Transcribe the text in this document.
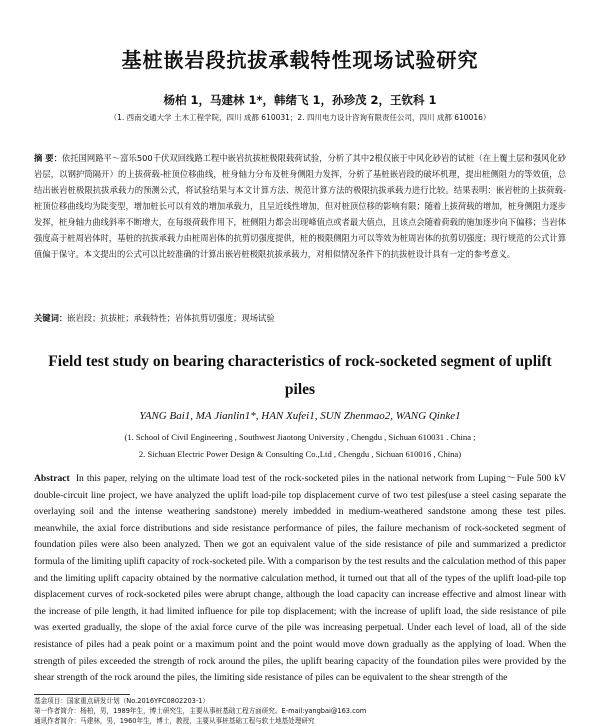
基桩嵌岩段抗拔承载特性现场试验研究
杨柏 1，马建林 1*，韩绪飞 1，孙珍茂 2，王钦科 1
（1. 西南交通大学 土木工程学院，四川 成都 610031；2. 四川电力设计咨询有限责任公司，四川 成都 610016）

摘 要：依托国网路平～富乐500千伏双回线路工程中嵌岩抗拔桩极限载荷试验，分析了其中2根仅嵌于中风化砂岩的试桩（在上覆土层和强风化砂岩层，以钢护筒隔开）的上拔荷载-桩顶位移曲线，桩身轴力分布及桩身侧阻力发挥，分析了基桩嵌岩段的破坏机理，提出桩侧阻力的等效值，总结出嵌岩桩极限抗拔承载力的预测公式，将试验结果与本文计算方法、规范计算方法的极限抗拔承载力进行比较。结果表明：嵌岩桩的上拔荷载-桩顶位移曲线均为陡变型，增加桩长可以有效的增加承载力，且呈近线性增加，但对桩顶位移的影响有限；随着上拔荷载的增加，桩身侧阻力逐步发挥，桩身轴力曲线斜率不断增大，在每级荷载作用下，桩侧阻力都会出现峰值点或者最大值点，且该点会随着荷载的施加逐步向下偏移；当岩体强度高于桩周岩体时，基桩的抗拔承载力由桩周岩体的抗剪切强度提供，桩的极限侧阻力可以等效为桩周岩体的抗剪切强度；现行规范的公式计算值偏于保守。本文提出的公式可以比较准确的计算出嵌岩桩极限抗拔承载力，对相似情况条件下的抗拔桩设计具有一定的参考意义。

关键词：嵌岩段；抗拔桩；承载特性；岩体抗剪切强度；现场试验

Field test study on bearing characteristics of rock-socketed segment of uplift piles

YANG Bai1, MA Jianlin1*, HAN Xufei1, SUN Zhenmao2, WANG Qinke1
(1. School of Civil Engineering , Southwest Jiaotong University , Chengdu , Sichuan 610031 . China ;
2. Sichuan Electric Power Design & Consulting Co.,Ltd , Chengdu , Sichuan 610016 , China)

Abstract In this paper, relying on the ultimate load test of the rock-socketed piles in the national network from Luping～Fule 500 kV double-circuit line project, we have analyzed the uplift load-pile top displacement curve of two test piles(use a steel casing separate the overlaying soil and the intense weathering sandstone) merely imbedded in medium-weathered sandstone among these test piles. meanwhile, the axial force distributions and side resistance performance of piles, the failure mechanism of rock-socketed segment of foundation piles were also been analyzed. Then we got an equivalent value of the side resistance of pile and summarized a predictor formula of the limiting uplift capacity of rock-socketed pile. With a comparison by the test results and the calculation method of this paper and the limiting uplift capacity obtained by the normative calculation method, it turned out that all of the types of the uplift load-pile top displacement curves of rock-socketed piles were abrupt change, although the load capacity can increase effective and almost linear with the increase of pile length, it had limited influence for pile top displacement; with the increase of uplift load, the side resistance of pile was exerted gradually, the slope of the axial force curve of the pile was increasing perpetual. Under each level of load, all of the side resistance of piles had a peak point or a maximum point and the point would move down gradually as the applying of load. When the strength of piles exceeded the strength of rock around the piles, the uplift bearing capacity of the foundation piles were provided by the shear strength of the rock around the piles, the limiting side resistance of piles can be equivalent to the shear strength of the

基金项目：国家重点研发计划（No.2016YFC0802203-1）
第一作者简介：杨柏，男，1989年生，博士研究生，主要从事桩基础工程方面研究。E-mail:yangbai@163.com
通讯作者简介：马建林，男，1960年生，博士，教授，主要从事桩基础工程与软土地基处理研究
